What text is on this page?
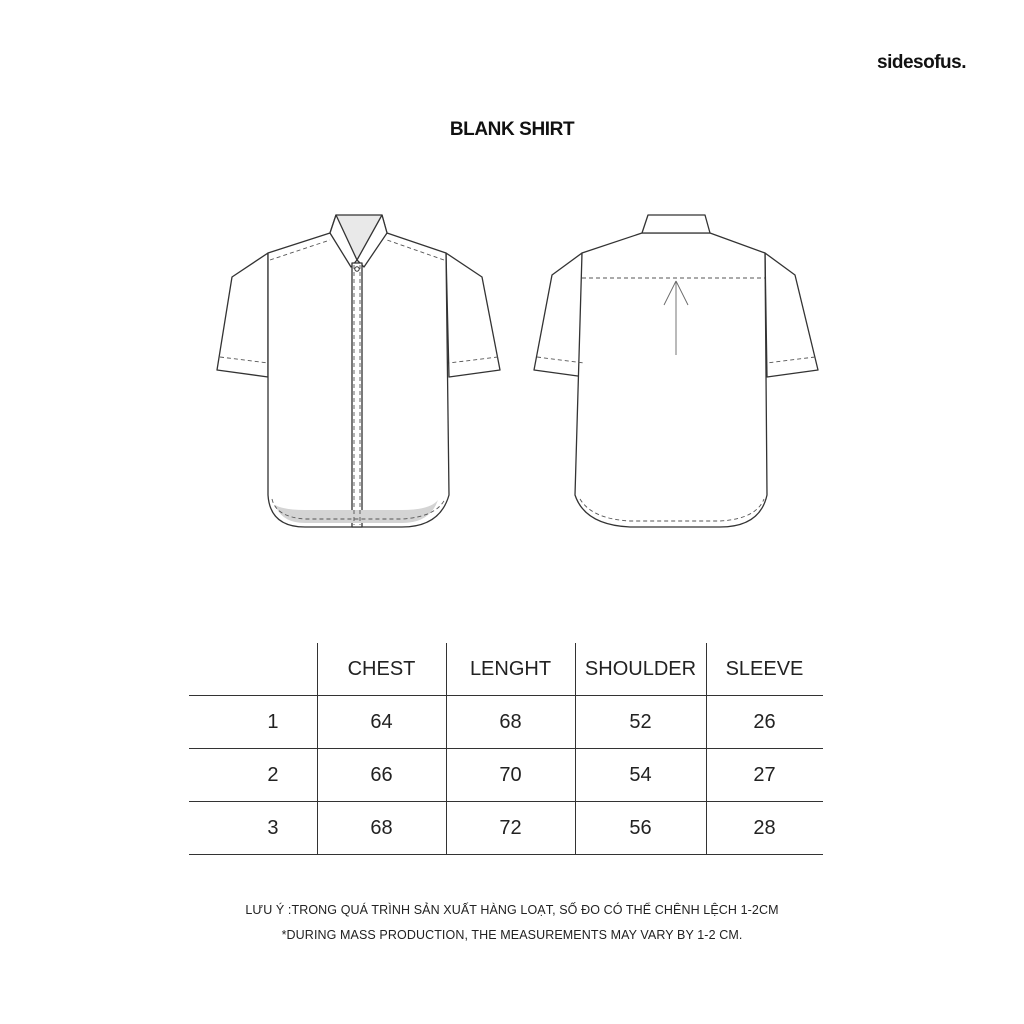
sidesofus.
BLANK SHIRT
	CHEST	LENGHT	SHOULDER	SLEEVE
1	64	68	52	26
2	66	70	54	27
3	68	72	56	28
LƯU Ý :TRONG QUÁ TRÌNH SẢN XUẤT HÀNG LOẠT, SỐ ĐO CÓ THỂ CHÊNH LỆCH 1-2CM
*DURING MASS PRODUCTION, THE MEASUREMENTS MAY VARY BY 1-2 CM.
